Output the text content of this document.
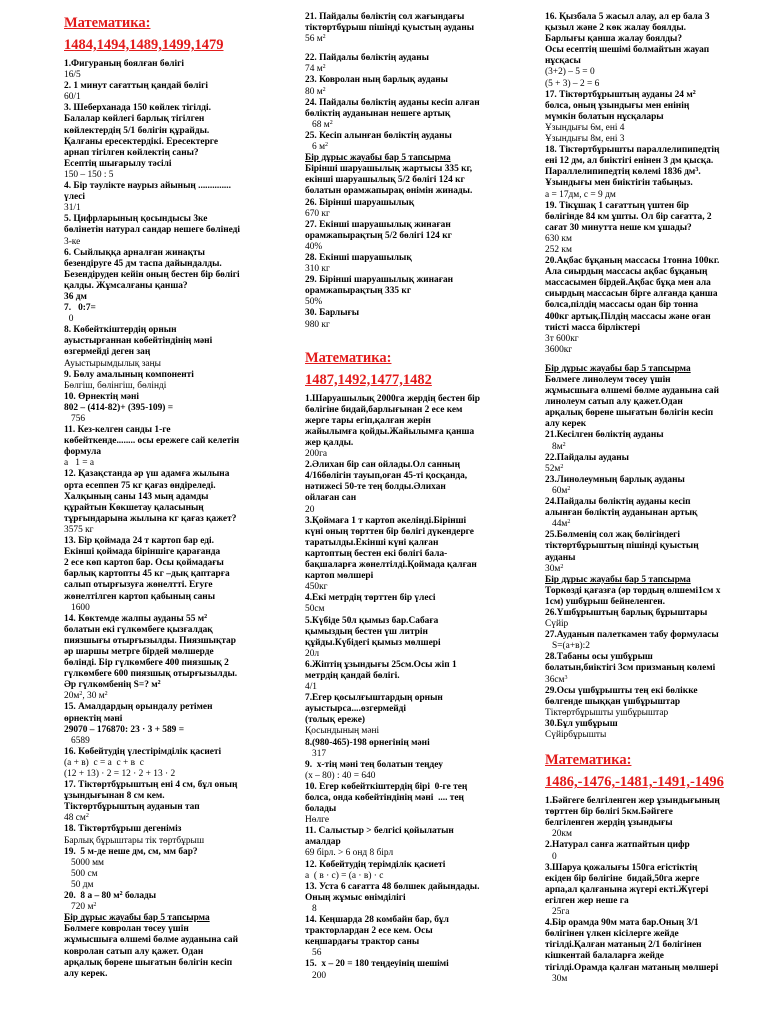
Математика:
1484,1494,1489,1499,1479
1.Фигураның боялған бөлігі
16/5
2. 1 минут сағаттың қандай бөлігі
60/1
3. Шеберханада 150 көйлек тігілді.
Балалар көйлегі барлық тігілген
көйлектердің 5/1 бөлігін құрайды.
Қалғаны ересектердікі. Ересектерге
арнап тігілген көйлектің саны?
Есептің шығарылу тәсілі
150 – 150 : 5
4. Бір тәулікте наурыз айының ..............
үлесі
31/1
5. Цифрларының қосындысы 3ке
бөлінетін натурал сандар нешеге бөлінеді
3-ке
6. Сыйлыққа арналған жинақты
безендіруге 45 дм таспа дайындалды.
Безендіруден кейін оның бестен бір бөлігі
қалды. Жұмсалғаны қанша?
36 дм
7.   0:7=
0
8. Көбейткіштердің орнын
ауыстырғаннан көбейтіндінің мәні
өзгермейді деген заң
Ауыстырымдылық заңы
9. Бөлу амалының компоненті
Бөлгіш, бөлінгіш, бөлінді
10. Өрнектің мәні
802 – (414-82)+ (395-109) =
756
11. Кез-келген санды 1-ге
көбейткенде........ осы ережеге сай келетін
формула
а   1 = а
12. Қазақстанда әр үш адамға жылына
орта есеппен 75 кг қағаз өндіреледі.
Халқының саны 143 мың адамды
құрайтын Көкшетау қаласының
тұрғындарына жылына кг қағаз қажет?
3575 кг
13. Бір қоймада 24 т картоп бар еді.
Екінші қоймада біріншіге қарағанда
2 есе көп картоп бар. Осы қоймадағы
барлық картопты 45 кг –дық қаптарға
салып отырғызуға жөнелтті. Егуге
жөнелтілген картоп қабының саны
1600
14. Көктемде жалпы ауданы 55 $м^2$
болатын екі гүлкөмбеге қызғалдақ
пиязшығы отырғызылды. Пиязшықтар
әр шаршы метрге бірдей мөлшерде
бөлінді. Бір гүлкөмбеге 400 пиязшық 2
гүлкөмбеге 600 пиязшық отырғызылды.
Әр гүлкөмбенің S=? $м^2$
$20м^2$, 30 $м^2$
15. Амалдардың орындалу ретімен
өрнектің мәні
29070 – 176870: 23 · 3 + 589 =
6589
16. Көбейтудің үлестірімділік қасиеті
(а + в)  с = а  с + в  с
(12 + 13) · 2 = 12 · 2 + 13 · 2
17. Тіктөртбұрыштың ені 4 см, бұл оның
ұзындығынан 8 см кем.
Тіктөртбұрыштың ауданын тап
48 $см^2$
18. Тіктөртбұрыш дегеніміз
Барлық бұрыштары тік төртбұрыш
19.  5 м-де неше дм, см, мм бар?
5000 мм
500 см
50 дм
20.  8 а – 80 $м^2$ болады
720 $м^2$
Бір дұрыс жауабы бар 5 тапсырма
Бөлмеге ковролан төсеу үшін
жұмысшыға өлшемі бөлме ауданына сай
ковролан сатып алу қажет. Одан
арқалық бөрене шығатын бөлігін кесіп
алу керек.
21. Пайдалы бөліктің сол жағындағы
тіктөртбұрыш пішіңді қуыстың ауданы
56 $м^2$
22. Пайдалы бөліктің ауданы
74 $м^2$
23. Ковролан ның барлық ауданы
80 $м^2$
24. Пайдалы бөліктің ауданы кесіп алған
бөліктің ауданынан нешеге артық
68 $м^2$
25. Кесіп алынған бөліктің ауданы
6 $м^2$
Бір дұрыс жауабы бар 5 тапсырма
Бірінші шаруашылық жартысы 335 кг,
екінші шаруашылық 5/2 бөлігі 124 кг
болатын орамжапырақ өнімін жинады.
26. Бірінші шаруашылық
670 кг
27. Екінші шаруашылық жинаған
орамжапырақтың 5/2 бөлігі 124 кг
40%
28. Екінші шаруашылық
310 кг
29. Бірінші шаруашылық жинаған
орамжапырақтың 335 кг
50%
30. Барлығы
980 кг
Математика:
1487,1492,1477,1482
1.Шаруашылық 2000га жердің бестен бір
бөлігіне бидай,барлығынан 2 есе кем
жерге тары егіп,қалған жерін
жайылымға қойды.Жайылымға қанша
жер қалды.
200га
2.Әлихан бір сан ойлады.Ол санның
4/16бөлігін тауып,оған 45-ті қосқанда,
нәтижесі 50-те тең болды.Әлихан
ойлаған сан
20
3.Қоймаға 1 т картоп әкелінді.Бірінші
күні оның төрттен бір бөлігі дүкендерге
таратылды.Екінші күні қалған
картоптың бестен екі бөлігі бала-
бақшаларға жөнелтілді.Қоймада қалған
картоп мөлшері
450кг
4.Екі метрдің төрттен бір үлесі
50см
5.Күбіде 50л қымыз бар.Сабаға
қымыздың бестен үш литрін
құйды.Күбідегі қымыз мөлшері
20л
6.Жіптің ұзындығы 25см.Осы жіп 1
метрдің қандай бөлігі.
4/1
7.Егер қосылғыштардың орнын
ауыстырса....өзгермейді
(толық ереже)
Қосындының мәні
8.(980-465)-198 өрнегінің мәні
317
9.  х-тің мәні тең болатын теңдеу
(х – 80) : 40 = 640
10. Егер көбейткіштердің бірі  0-ге тең
болса, онда көбейтіндінің мәні  .... тең
болады
Нөлге
11. Салыстыр > белгісі қойылатын
амалдар
69 бірл. > 6 онд 8 бірл
12. Көбейтудің терімділік қасиеті
а  ( в · с) = (а · в) · с
13. Уста 6 сағатта 48 бөлшек дайындады.
Оның жұмыс өнімділігі
8
14. Кеңшарда 28 комбайн бар, бұл
тракторлардан 2 есе кем. Осы
кеңшардағы трактор саны
56
15.  х – 20 = 180 теңдеуінің шешімі
200
16. Қызбала 5 жасыл алау, ал ер бала 3
қызыл және 2 көк жалау боялды.
Барлығы қанша жалау боялды?
Осы есептің шешімі болмайтын жауап
нұсқасы
(3+2) – 5 = 0
(5 + 3) – 2 = 6
17. Тіктөртбұрыштың ауданы 24 $м^2$
болса, оның ұзындығы мен енінің
мүмкін болатын нұсқалары
Ұзындығы 6м, ені 4
Ұзындығы 8м, ені 3
18. Тіктөртбұрышты параллелипипедтің
ені 12 дм, ал биіктігі енінен 3 дм қысқа.
Параллелипипедтің көлемі 1836 $дм^3$.
Ұзындығы мен биіктігін табыңыз.
а = 17дм, с = 9 дм
19. Тікұшақ 1 сағаттың үштен бір
бөлігінде 84 км ұшты. Ол бір сағатта, 2
сағат 30 минутта неше км ұшады?
630 км
252 км
20.Ақбас бұқаның массасы 1тонна 100кг.
Ала сиырдың массасы ақбас бұқаның
массасымен бірдей.Ақбас бұқа мен ала
сиырдың массасын бірге алғанда қанша
болса,пілдің массасы одан бір тонна
400кг артық.Пілдің массасы және оған
тиісті масса бірліктері
3т 600кг
3600кг
Бір дұрыс жауабы бар 5 тапсырма
Бөлмеге линолеум төсеу үшін
жұмысшыға өлшемі бөлме ауданына сай
линолеум сатып алу қажет.Одан
арқалық бөрене шығатын бөлігін кесіп
алу керек
21.Кесілген бөліктің ауданы
$8м^2$
22.Пайдалы ауданы
$52м^2$
23.Линолеумның барлық ауданы
$60м^2$
24.Пайдалы бөліктің ауданы кесіп
алынған бөліктің ауданынан артық
$44м^2$
25.Бөлменің сол жақ бөлігіндегі
тіктөртбұрыштың пішінді қуыстың
ауданы
$30м^2$
Бір дұрыс жауабы бар 5 тапсырма
Торкөзді қағазға (әр тордың өлшемі1см x
1см) ушбұрыш бейнеленген.
26.Үшбұрыштың барлық бұрыштары
Сүйір
27.Ауданын палеткамен табу формуласы
S=(а+в):2
28.Табаны осы ушбұрыш
болатын,биіктігі 3см призманың көлемі
$36см^3$
29.Осы үшбұрышты тең екі бөлікке
бөлгенде шыққан үшбұрыштар
Тіктөртбұрышты ушбұрыштар
30.Бұл ушбұрыш
Сүйірбұрышты
Математика:
1486,-1476,-1481,-1491,-1496
1.Бәйгеге белгіленген жер ұзындығының
төрттен бір бөлігі 5км.Бәйгеге
белгіленген жердің ұзындығы
20км
2.Натурал санға жатпайтын цифр
0
3.Шаруа қожалығы 150га егістіктің
екіден бір бөлігіне  бидай,50га жерге
арпа,ал қалғанына жүгері екті.Жүгері
егілген жер неше га
25га
4.Бір орамда 90м мата бар.Оның 3/1
бөлігінен үлкен кісілерге жейде
тігілді.Қалған матаның 2/1 бөлігінен
кішкентай балаларға жейде
тігілді.Орамда қалған матаның мөлшері
30м
